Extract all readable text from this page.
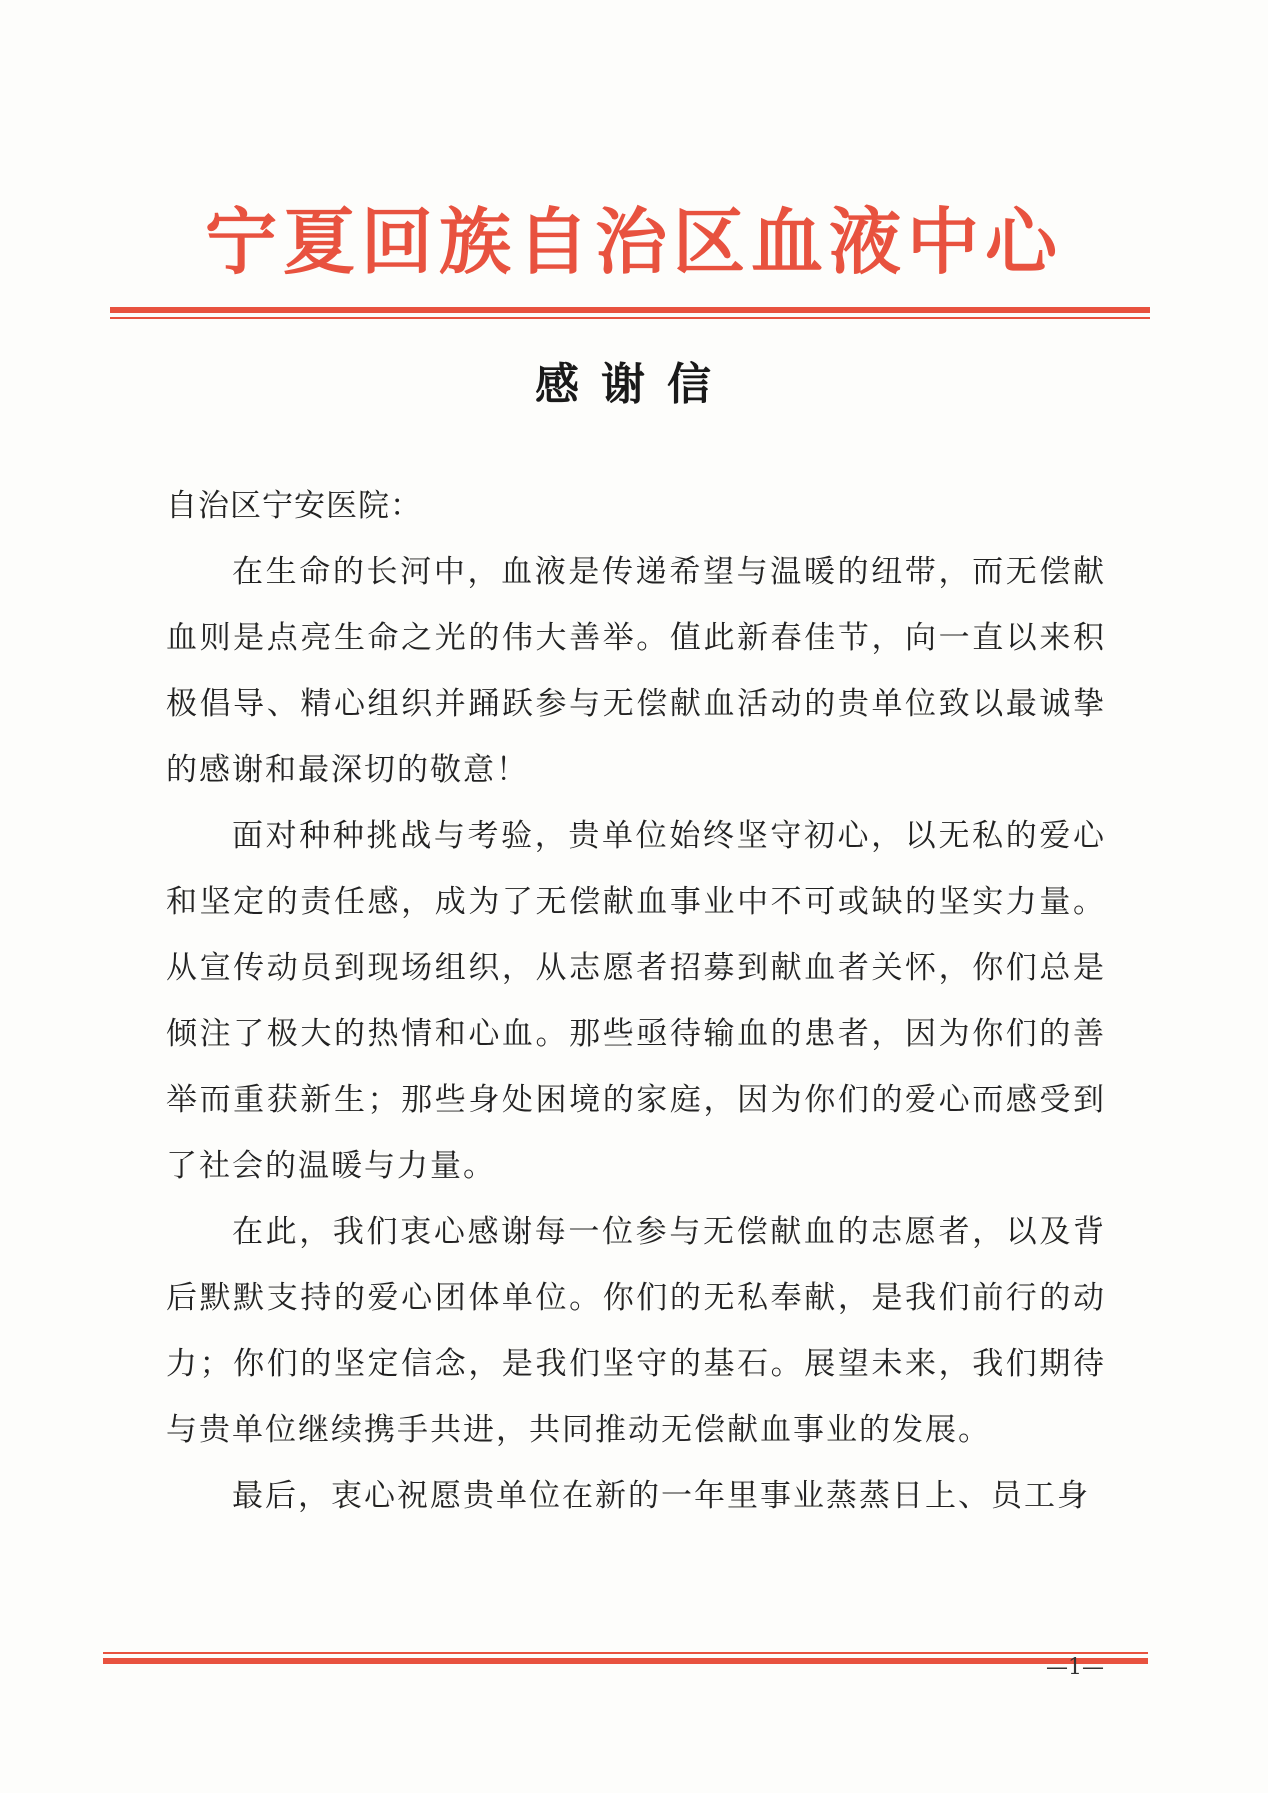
宁夏回族自治区血液中心
感谢信

自治区宁安医院：

在生命的长河中，血液是传递希望与温暖的纽带，而无偿献血则是点亮生命之光的伟大善举。值此新春佳节，向一直以来积极倡导、精心组织并踊跃参与无偿献血活动的贵单位致以最诚挚的感谢和最深切的敬意！

面对种种挑战与考验，贵单位始终坚守初心，以无私的爱心和坚定的责任感，成为了无偿献血事业中不可或缺的坚实力量。从宣传动员到现场组织，从志愿者招募到献血者关怀，你们总是倾注了极大的热情和心血。那些亟待输血的患者，因为你们的善举而重获新生；那些身处困境的家庭，因为你们的爱心而感受到了社会的温暖与力量。

在此，我们衷心感谢每一位参与无偿献血的志愿者，以及背后默默支持的爱心团体单位。你们的无私奉献，是我们前行的动力；你们的坚定信念，是我们坚守的基石。展望未来，我们期待与贵单位继续携手共进，共同推动无偿献血事业的发展。

最后，衷心祝愿贵单位在新的一年里事业蒸蒸日上、员工身

—1—
